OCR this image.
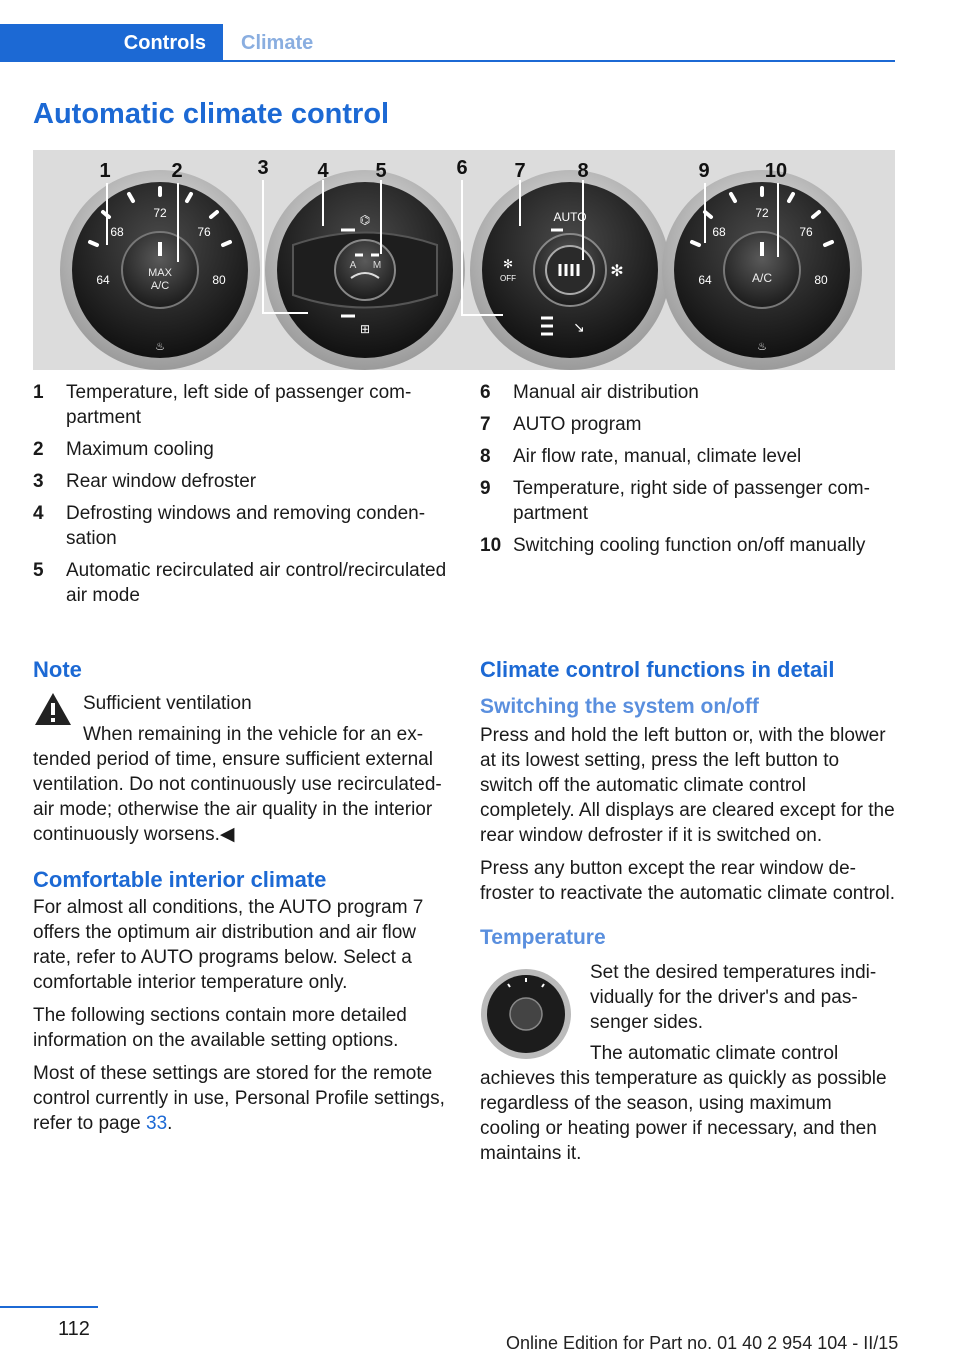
Controls	Climate
Automatic climate control
72
68	76
64	80
MAX
A/C
♨
A M
⌬
⊞
AUTO
✻
OFF	✻
↘
72
68	76
64	80
A/C
♨
1	2	3 4 5	6 7	8	9	10
1	Temperature, left side of passenger compartment
2	Maximum cooling
3	Rear window defroster
4	Defrosting windows and removing condensation
5	Automatic recirculated air control/recirculated air mode
6	Manual air distribution
7	AUTO program
8	Air flow rate, manual, climate level
9	Temperature, right side of passenger compartment
10 Switching cooling function on/off manually
Note

Sufficient ventilation

When remaining in the vehicle for an extended period of time, ensure sufficient external ventilation. Do not continuously use recirculated-air mode; otherwise the air quality in the interior continuously worsens.◀

Comfortable interior climate

For almost all conditions, the AUTO program 7 offers the optimum air distribution and air flow rate, refer to AUTO programs below. Select a comfortable interior temperature only.

The following sections contain more detailed information on the available setting options.

Most of these settings are stored for the remote control currently in use, Personal Profile settings, refer to page 33.

Climate control functions in detail
Switching the system on/off

Press and hold the left button or, with the blower at its lowest setting, press the left button to switch off the automatic climate control completely. All displays are cleared except for the rear window defroster if it is switched on.

Press any button except the rear window defroster to reactivate the automatic climate control.

Temperature

Set the desired temperatures individually for the driver's and passenger sides.

The automatic climate control achieves this temperature as quickly as possible regardless of the season, using maximum cooling or heating power if necessary, and then maintains it.

112
Online Edition for Part no. 01 40 2 954 104 - II/15
